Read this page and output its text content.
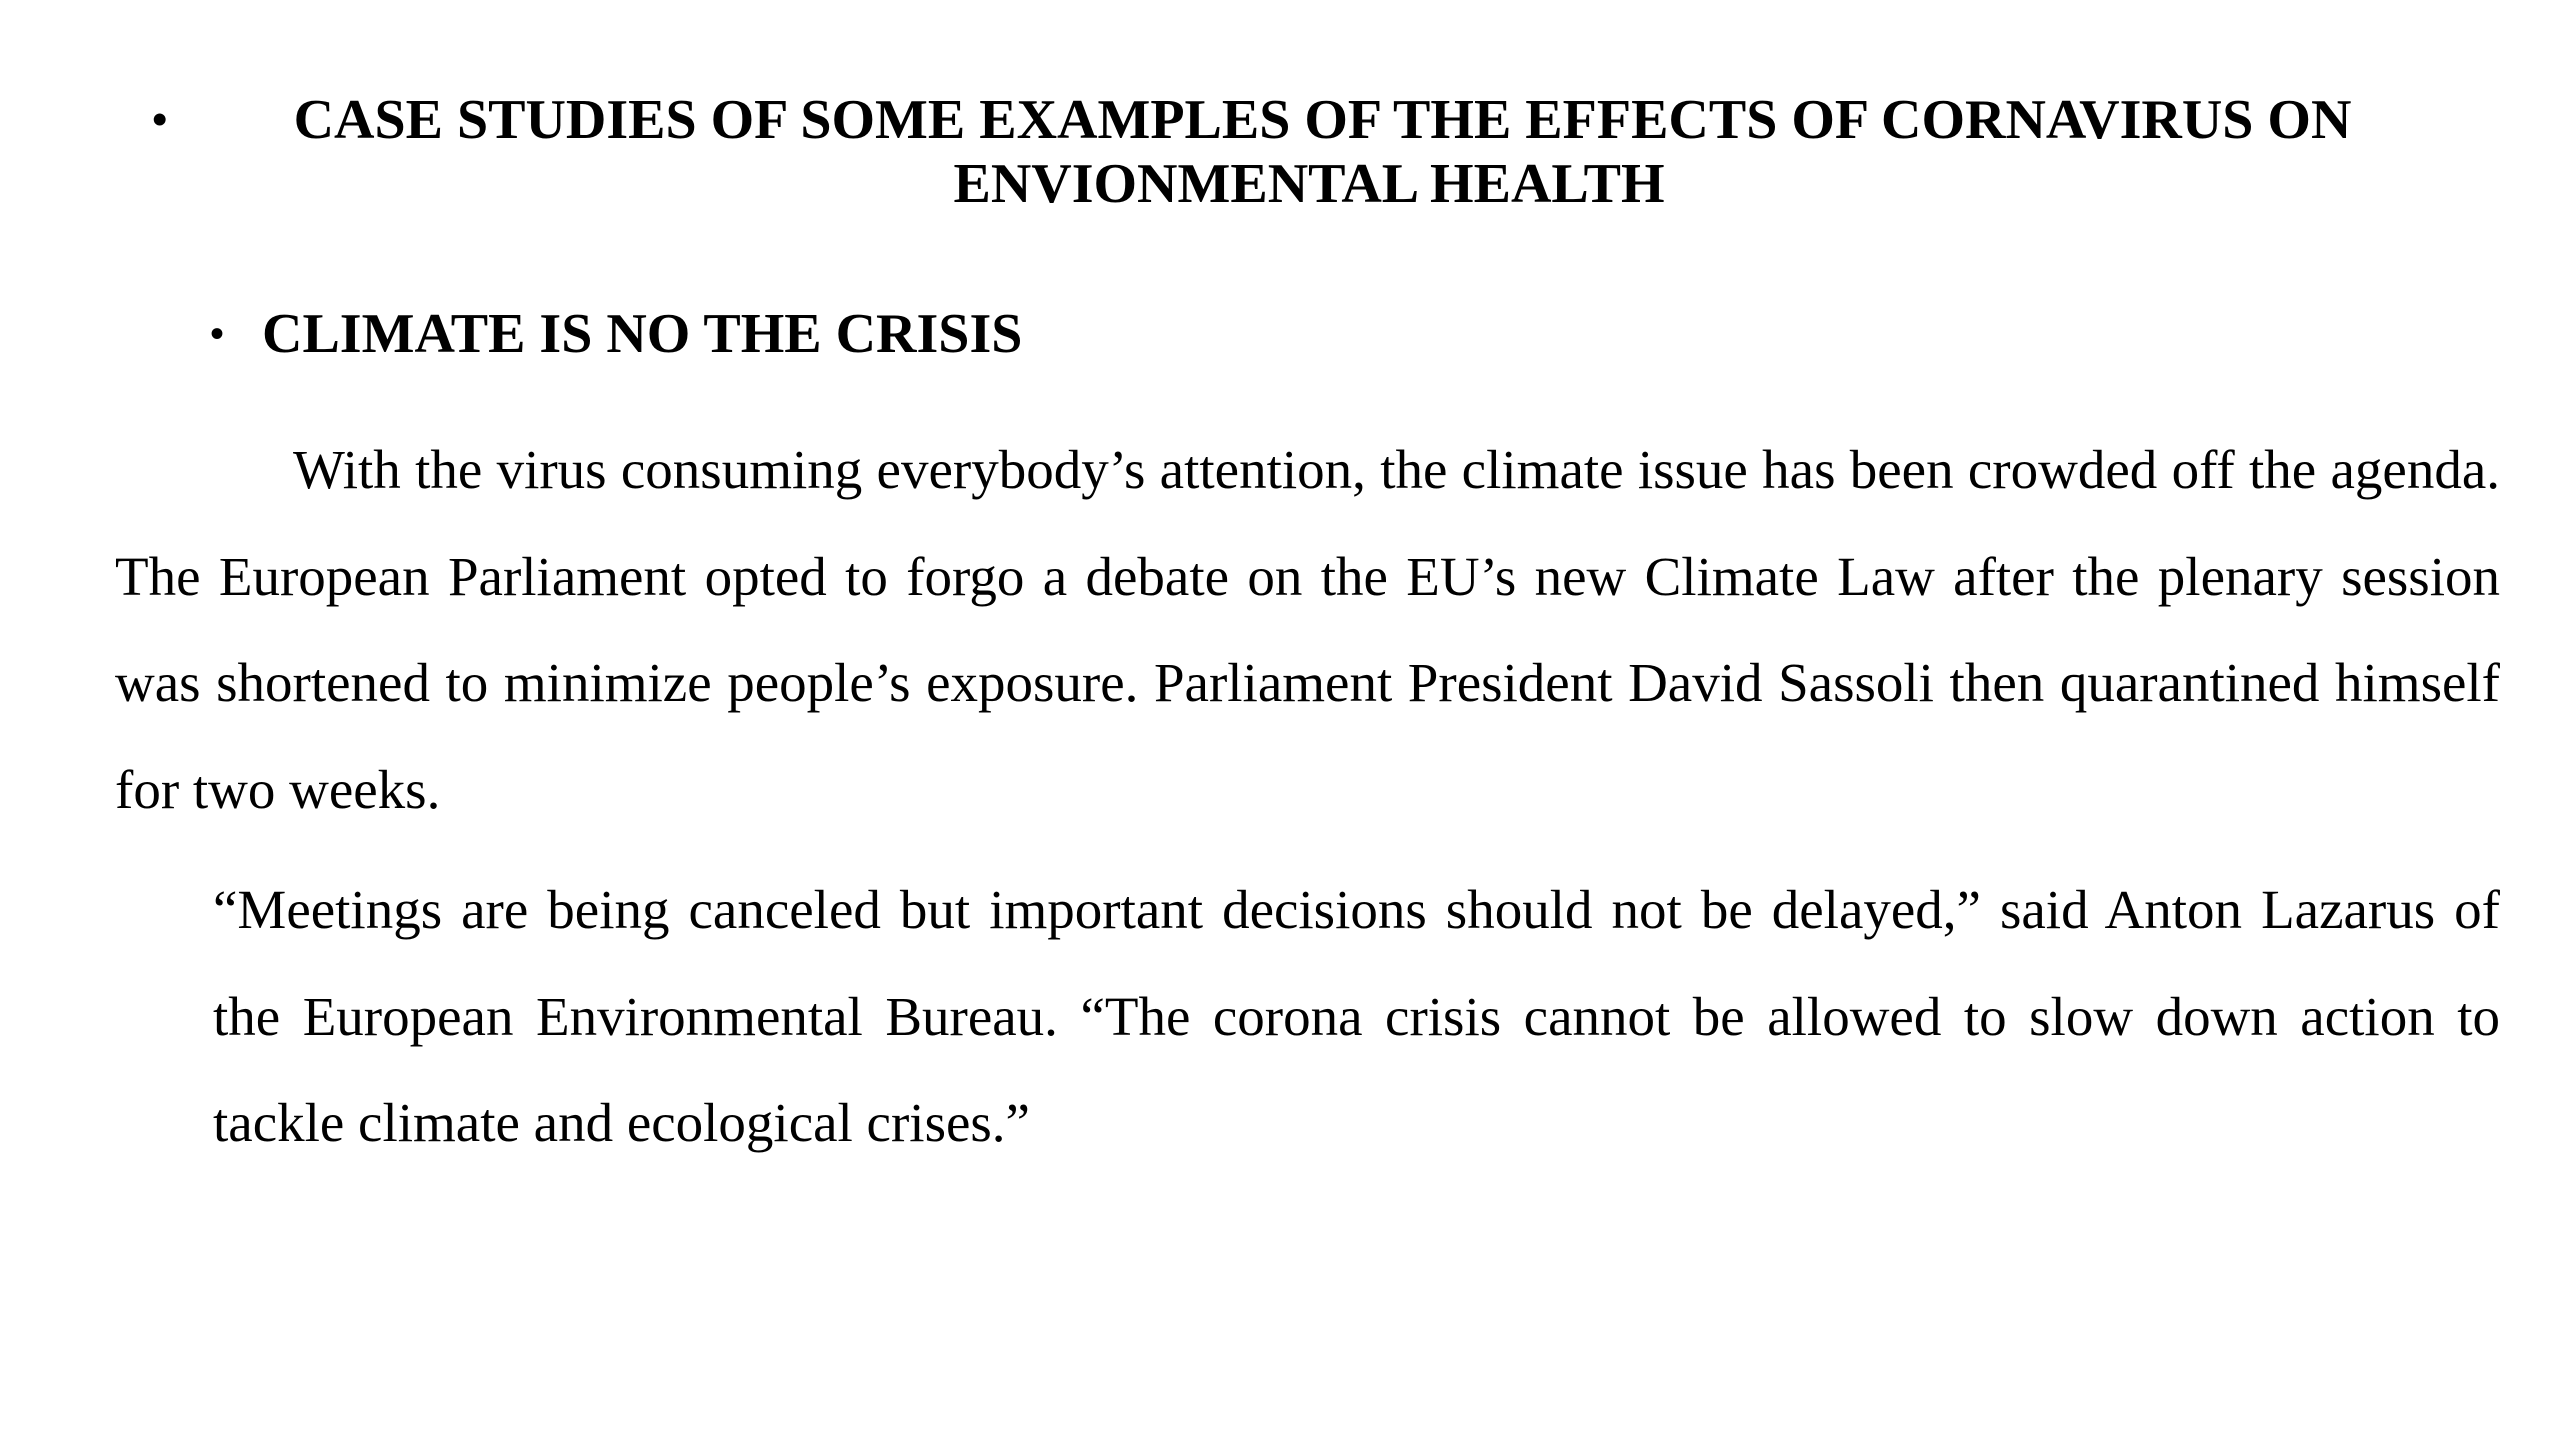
•	CASE STUDIES OF SOME EXAMPLES OF THE EFFECTS OF CORNAVIRUS ON
ENVIONMENTAL HEALTH
• CLIMATE IS NO THE CRISIS

With the virus consuming everybody’s attention, the climate issue has been crowded off the agenda. The European Parliament opted to forgo a debate on the EU’s new Climate Law after the plenary session was shortened to minimize people’s exposure. Parliament President David Sassoli then quarantined himself for two weeks.

“Meetings are being canceled but important decisions should not be delayed,” said Anton Lazarus of the European Environmental Bureau. “The corona crisis cannot be allowed to slow down action to tackle climate and ecological crises.”
